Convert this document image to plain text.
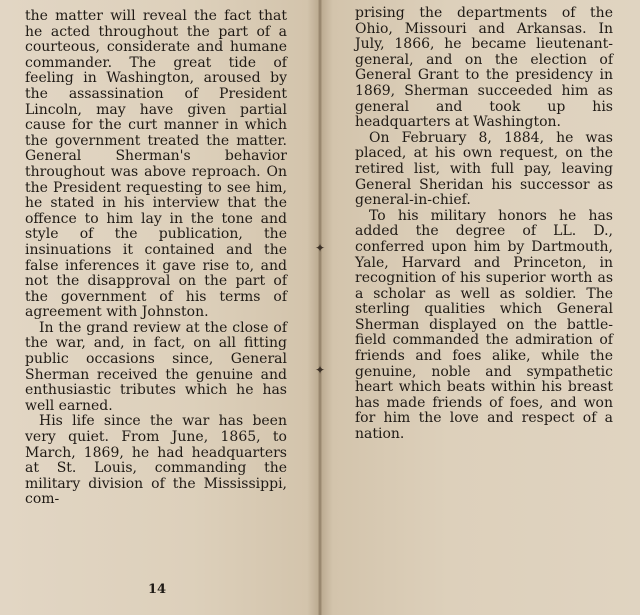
the matter will reveal the fact that he acted throughout the part of a courteous, considerate and humane commander. The great tide of feeling in Washington, aroused by the assassination of President Lincoln, may have given partial cause for the curt manner in which the government treated the matter. General Sherman's behavior throughout was above reproach. On the President requesting to see him, he stated in his interview that the offence to him lay in the tone and style of the publication, the insinuations it contained and the false inferences it gave rise to, and not the disapproval on the part of the government of his terms of agreement with Johnston.

In the grand review at the close of the war, and, in fact, on all fitting public occasions since, General Sherman received the genuine and enthusiastic tributes which he has well earned.

His life since the war has been very quiet. From June, 1865, to March, 1869, he had headquarters at St. Louis, commanding the military division of the Mississippi, com-

14
✦
✦

prising the departments of the Ohio, Missouri and Arkansas. In July, 1866, he became lieutenant-general, and on the election of General Grant to the presidency in 1869, Sherman succeeded him as general and took up his headquarters at Washington.

On February 8, 1884, he was placed, at his own request, on the retired list, with full pay, leaving General Sheridan his successor as general-in-chief.

To his military honors he has added the degree of LL. D., conferred upon him by Dartmouth, Yale, Harvard and Princeton, in recognition of his superior worth as a scholar as well as soldier. The sterling qualities which General Sherman displayed on the battle-field commanded the admiration of friends and foes alike, while the genuine, noble and sympathetic heart which beats within his breast has made friends of foes, and won for him the love and respect of a nation.
